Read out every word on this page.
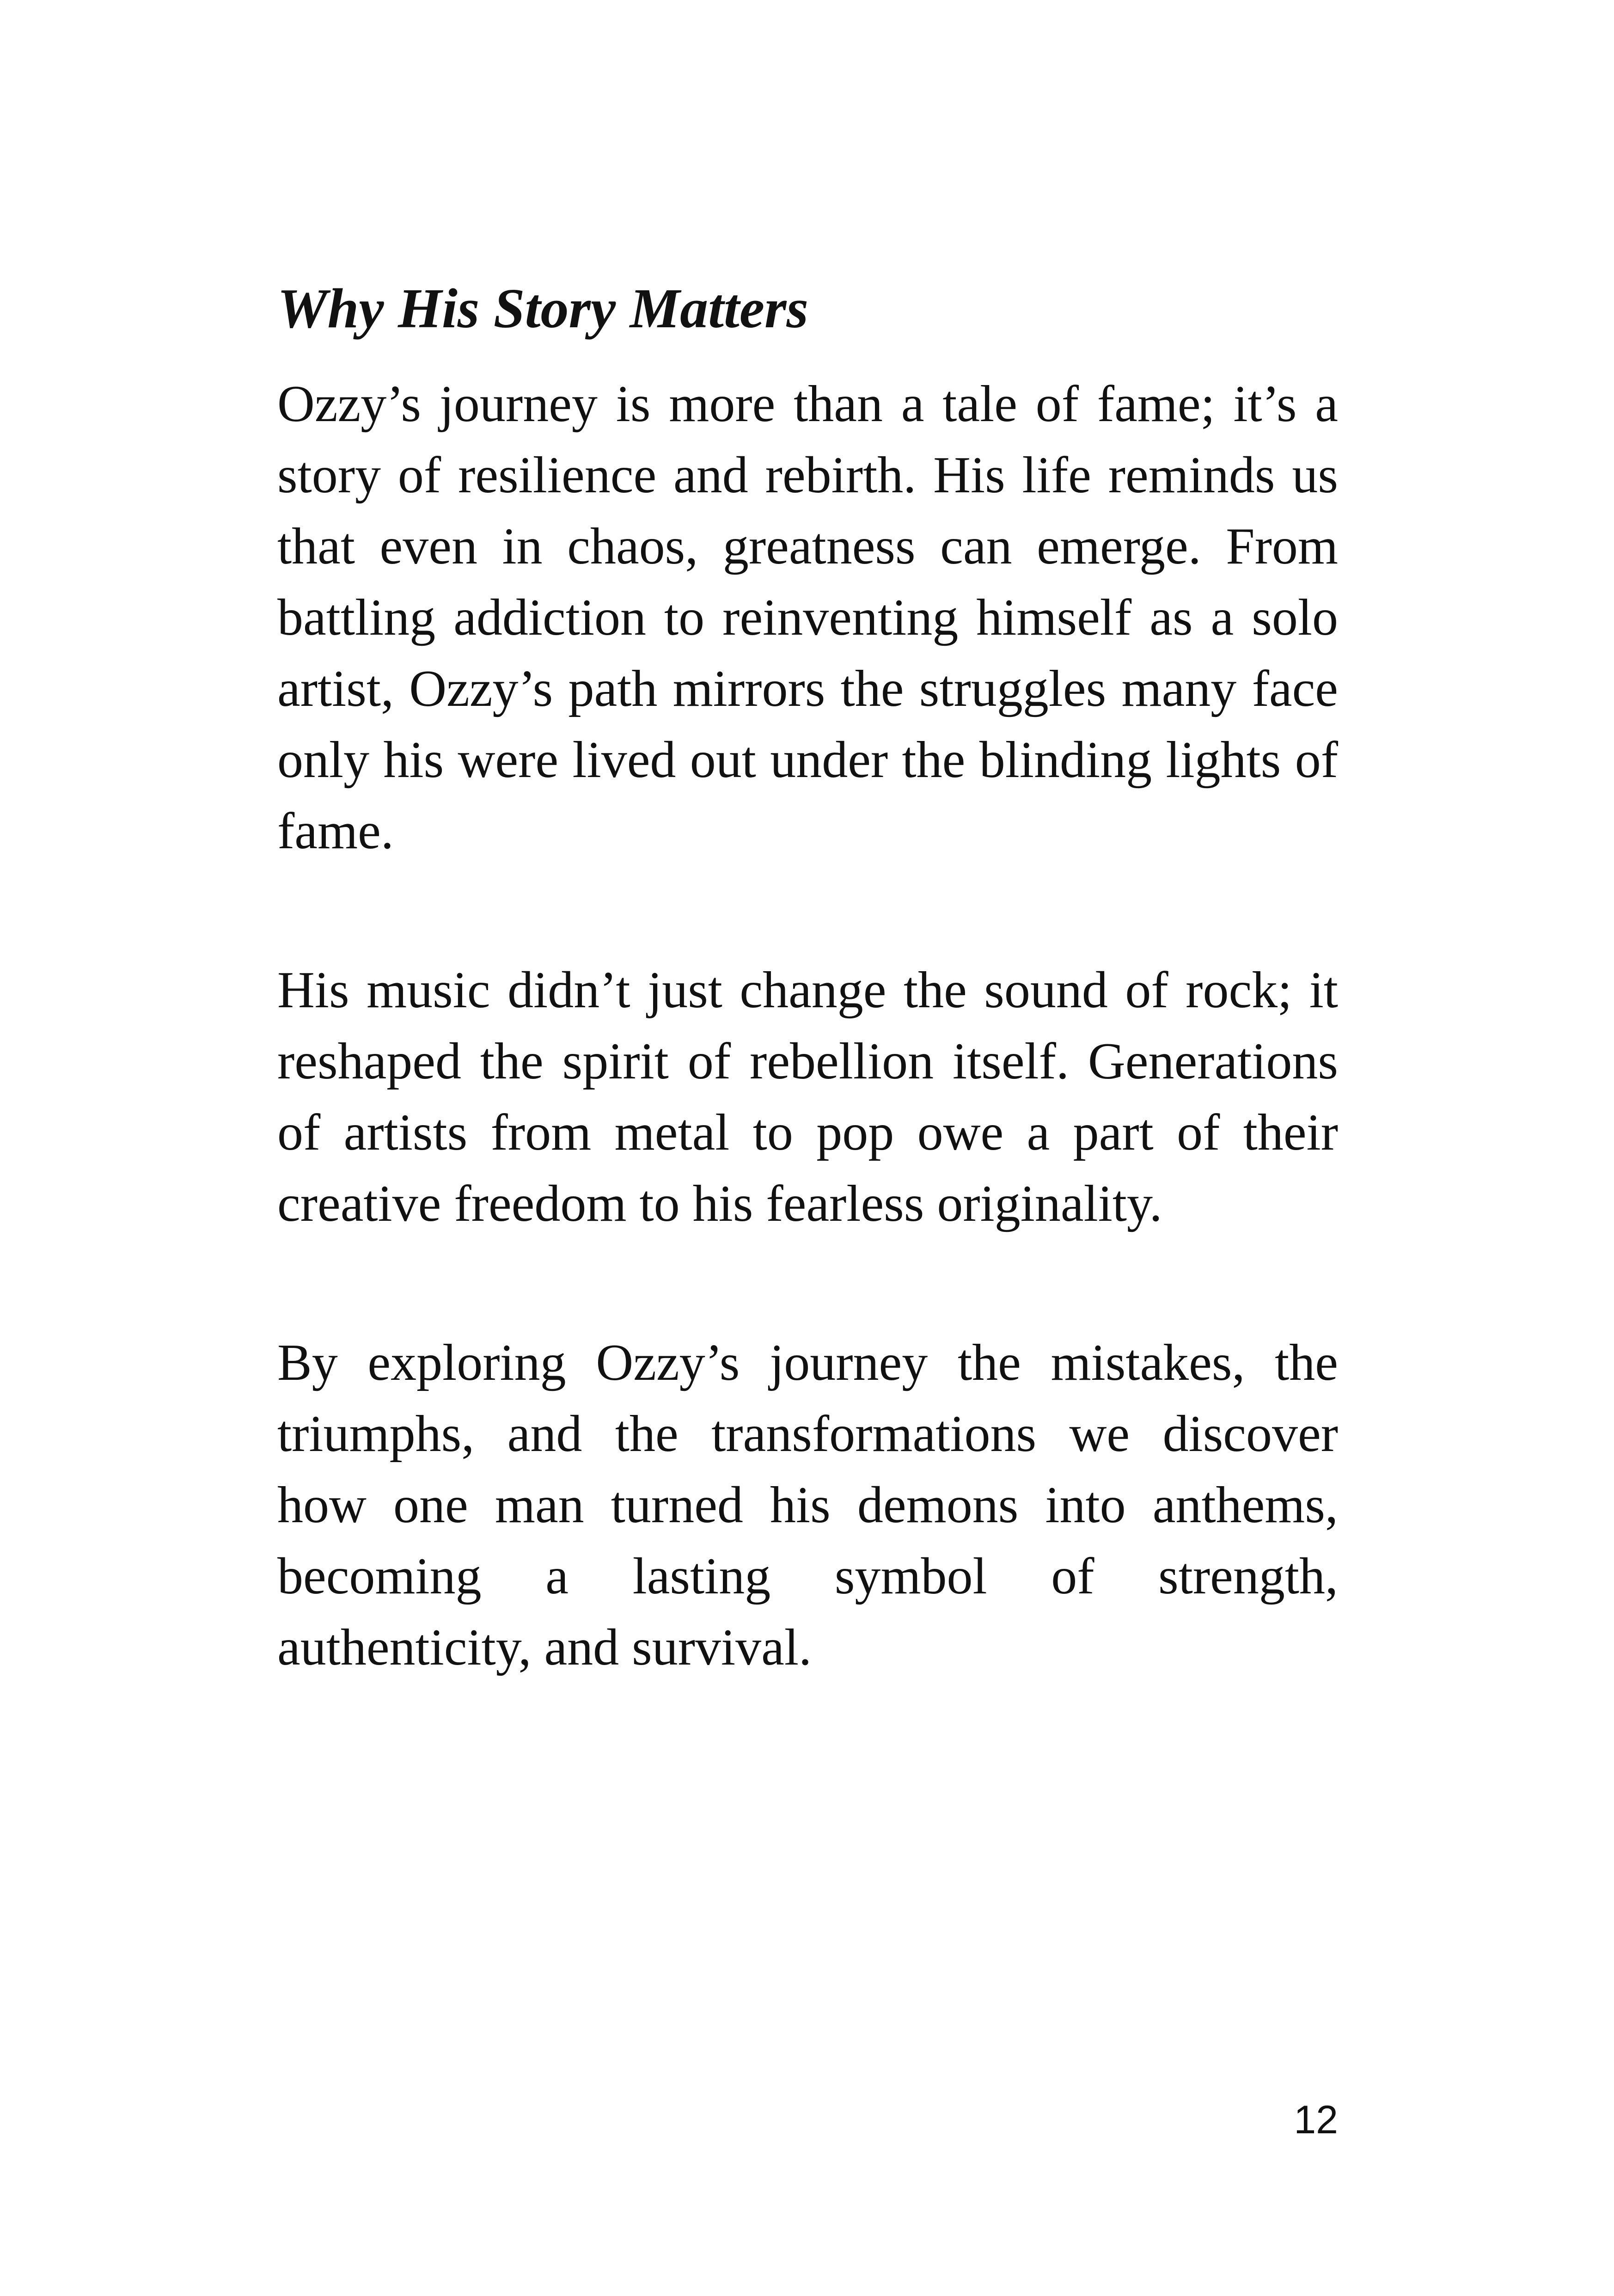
Why His Story Matters

Ozzy’s journey is more than a tale of fame; it’s a story of resilience and rebirth. His life reminds us that even in chaos, greatness can emerge. From battling addiction to reinventing himself as a solo artist, Ozzy’s path mirrors the struggles many face only his were lived out under the blinding lights of fame.

His music didn’t just change the sound of rock; it reshaped the spirit of rebellion itself. Generations of artists from metal to pop owe a part of their creative freedom to his fearless originality.

By exploring Ozzy’s journey the mistakes, the triumphs, and the transformations we discover how one man turned his demons into anthems, becoming a lasting symbol of strength, authenticity, and survival.

12
